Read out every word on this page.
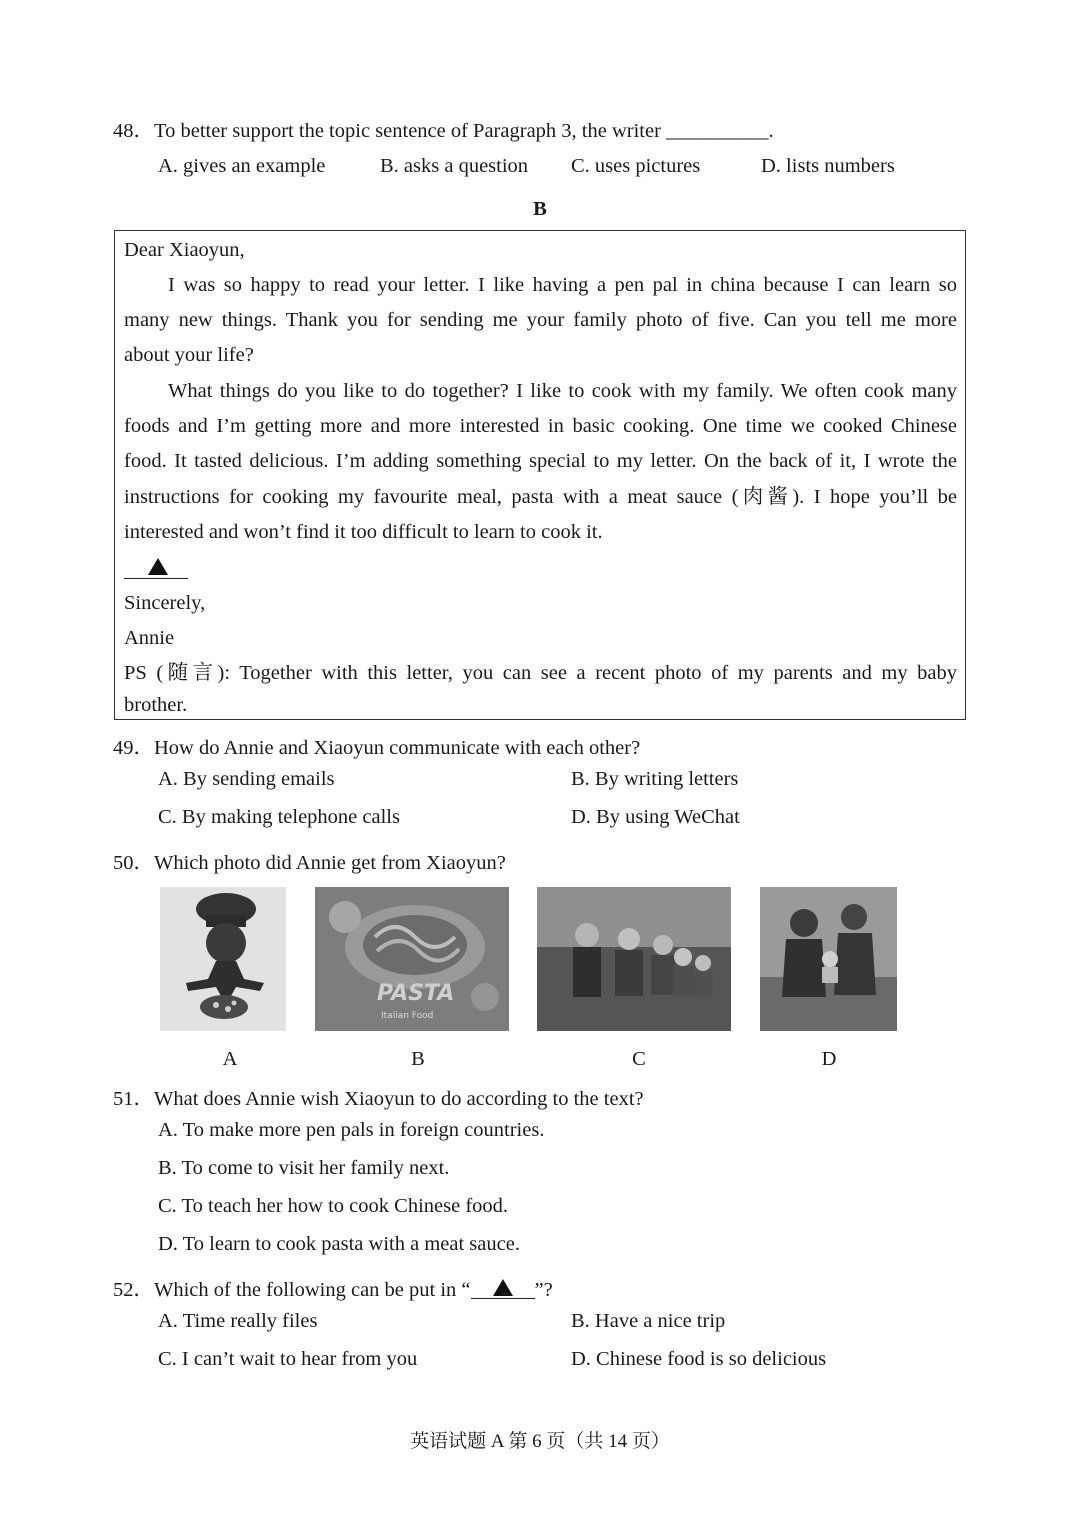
48．To better support the topic sentence of Paragraph 3, the writer __________.
A. gives an example	B. asks a question C. uses pictures	D. lists numbers
B
Dear Xiaoyun,
I was so happy to read your letter. I like having a pen pal in china because I can learn so
many new things. Thank you for sending me your family photo of five. Can you tell me more
about your life?
What things do you like to do together? I like to cook with my family. We often cook many
foods and I’m getting more and more interested in basic cooking. One time we cooked Chinese
food. It tasted delicious. I’m adding something special to my letter. On the back of it, I wrote the
instructions for cooking my favourite meal, pasta with a meat sauce (肉酱). I hope you’ll be
interested and won’t find it too difficult to learn to cook it.
Sincerely,
Annie
PS (随言): Together with this letter, you can see a recent photo of my parents and my baby
brother.
49．How do Annie and Xiaoyun communicate with each other?
A. By sending emails	B. By writing letters
C. By making telephone calls	D. By using WeChat
50．Which photo did Annie get from Xiaoyun?
PASTA
Italian Food
A	B	C	D
51．What does Annie wish Xiaoyun to do according to the text?
A. To make more pen pals in foreign countries.
B. To come to visit her family next.
C. To teach her how to cook Chinese food.
D. To learn to cook pasta with a meat sauce.
52．Which of the following can be put in “	”?
A. Time really files	B. Have a nice trip
C. I can’t wait to hear from you	D. Chinese food is so delicious
英语试题 A 第 6 页（共 14 页）
